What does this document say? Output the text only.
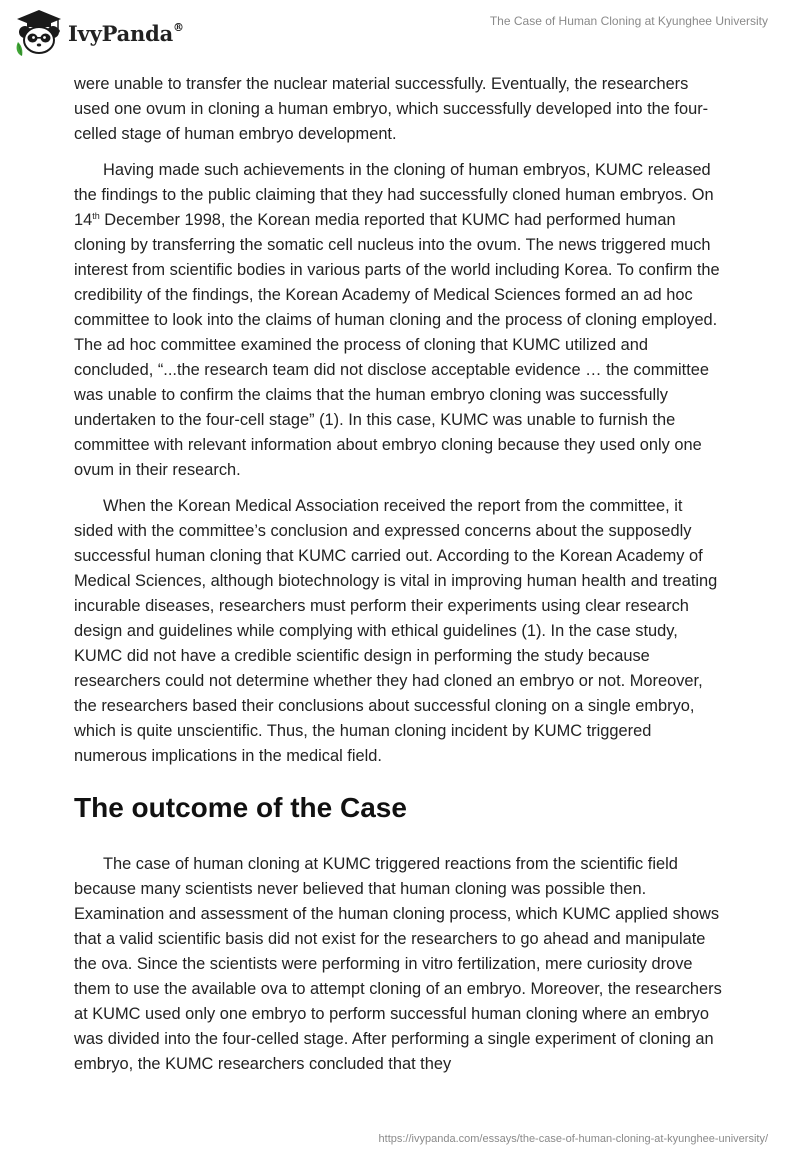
IvyPanda®	The Case of Human Cloning at Kyunghee University

were unable to transfer the nuclear material successfully. Eventually, the researchers used one ovum in cloning a human embryo, which successfully developed into the four-celled stage of human embryo development.

Having made such achievements in the cloning of human embryos, KUMC released the findings to the public claiming that they had successfully cloned human embryos. On 14th December 1998, the Korean media reported that KUMC had performed human cloning by transferring the somatic cell nucleus into the ovum. The news triggered much interest from scientific bodies in various parts of the world including Korea. To confirm the credibility of the findings, the Korean Academy of Medical Sciences formed an ad hoc committee to look into the claims of human cloning and the process of cloning employed. The ad hoc committee examined the process of cloning that KUMC utilized and concluded, “...the research team did not disclose acceptable evidence … the committee was unable to confirm the claims that the human embryo cloning was successfully undertaken to the four-cell stage” (1). In this case, KUMC was unable to furnish the committee with relevant information about embryo cloning because they used only one ovum in their research.

When the Korean Medical Association received the report from the committee, it sided with the committee’s conclusion and expressed concerns about the supposedly successful human cloning that KUMC carried out. According to the Korean Academy of Medical Sciences, although biotechnology is vital in improving human health and treating incurable diseases, researchers must perform their experiments using clear research design and guidelines while complying with ethical guidelines (1). In the case study, KUMC did not have a credible scientific design in performing the study because researchers could not determine whether they had cloned an embryo or not. Moreover, the researchers based their conclusions about successful cloning on a single embryo, which is quite unscientific. Thus, the human cloning incident by KUMC triggered numerous implications in the medical field.

The outcome of the Case

The case of human cloning at KUMC triggered reactions from the scientific field because many scientists never believed that human cloning was possible then. Examination and assessment of the human cloning process, which KUMC applied shows that a valid scientific basis did not exist for the researchers to go ahead and manipulate the ova. Since the scientists were performing in vitro fertilization, mere curiosity drove them to use the available ova to attempt cloning of an embryo. Moreover, the researchers at KUMC used only one embryo to perform successful human cloning where an embryo was divided into the four-celled stage. After performing a single experiment of cloning an embryo, the KUMC researchers concluded that they

https://ivypanda.com/essays/the-case-of-human-cloning-at-kyunghee-university/
